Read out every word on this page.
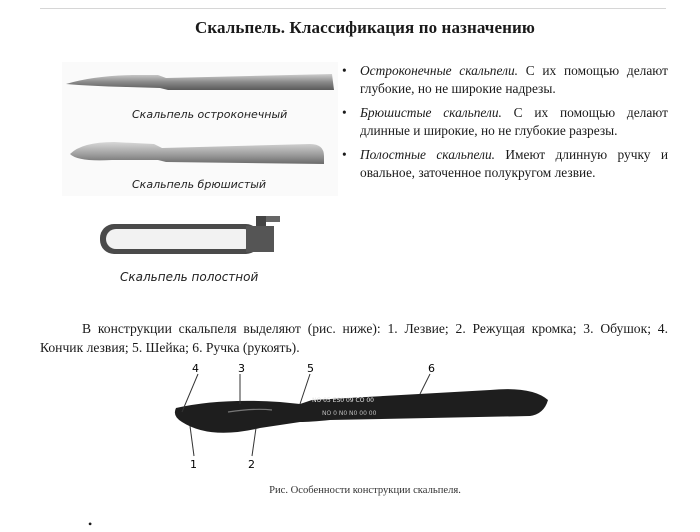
Скальпель. Классификация по назначению
Скальпель остроконечный
Скальпель брюшистый
Скальпель полостной
• Остроконечные скальпели. С их помощью делают глубокие, но не широкие надрезы.
• Брюшистые скальпели. С их помощью делают длинные и широкие, но не глубокие разрезы.
• Полостные скальпели. Имеют длинную ручку и овальное, заточенное полукругом лезвие.

В конструкции скальпеля выделяют (рис. ниже): 1. Лезвие; 2. Режущая кромка; 3. Обушок; 4. Кончик лезвия; 5. Шейка; 6. Ручка (рукоять).

NO 05 ES0 09 CO 00
NO 0 N0 N0 00 00
4	3	5	6
1	2
Рис. Особенности конструкции скальпеля.
•
